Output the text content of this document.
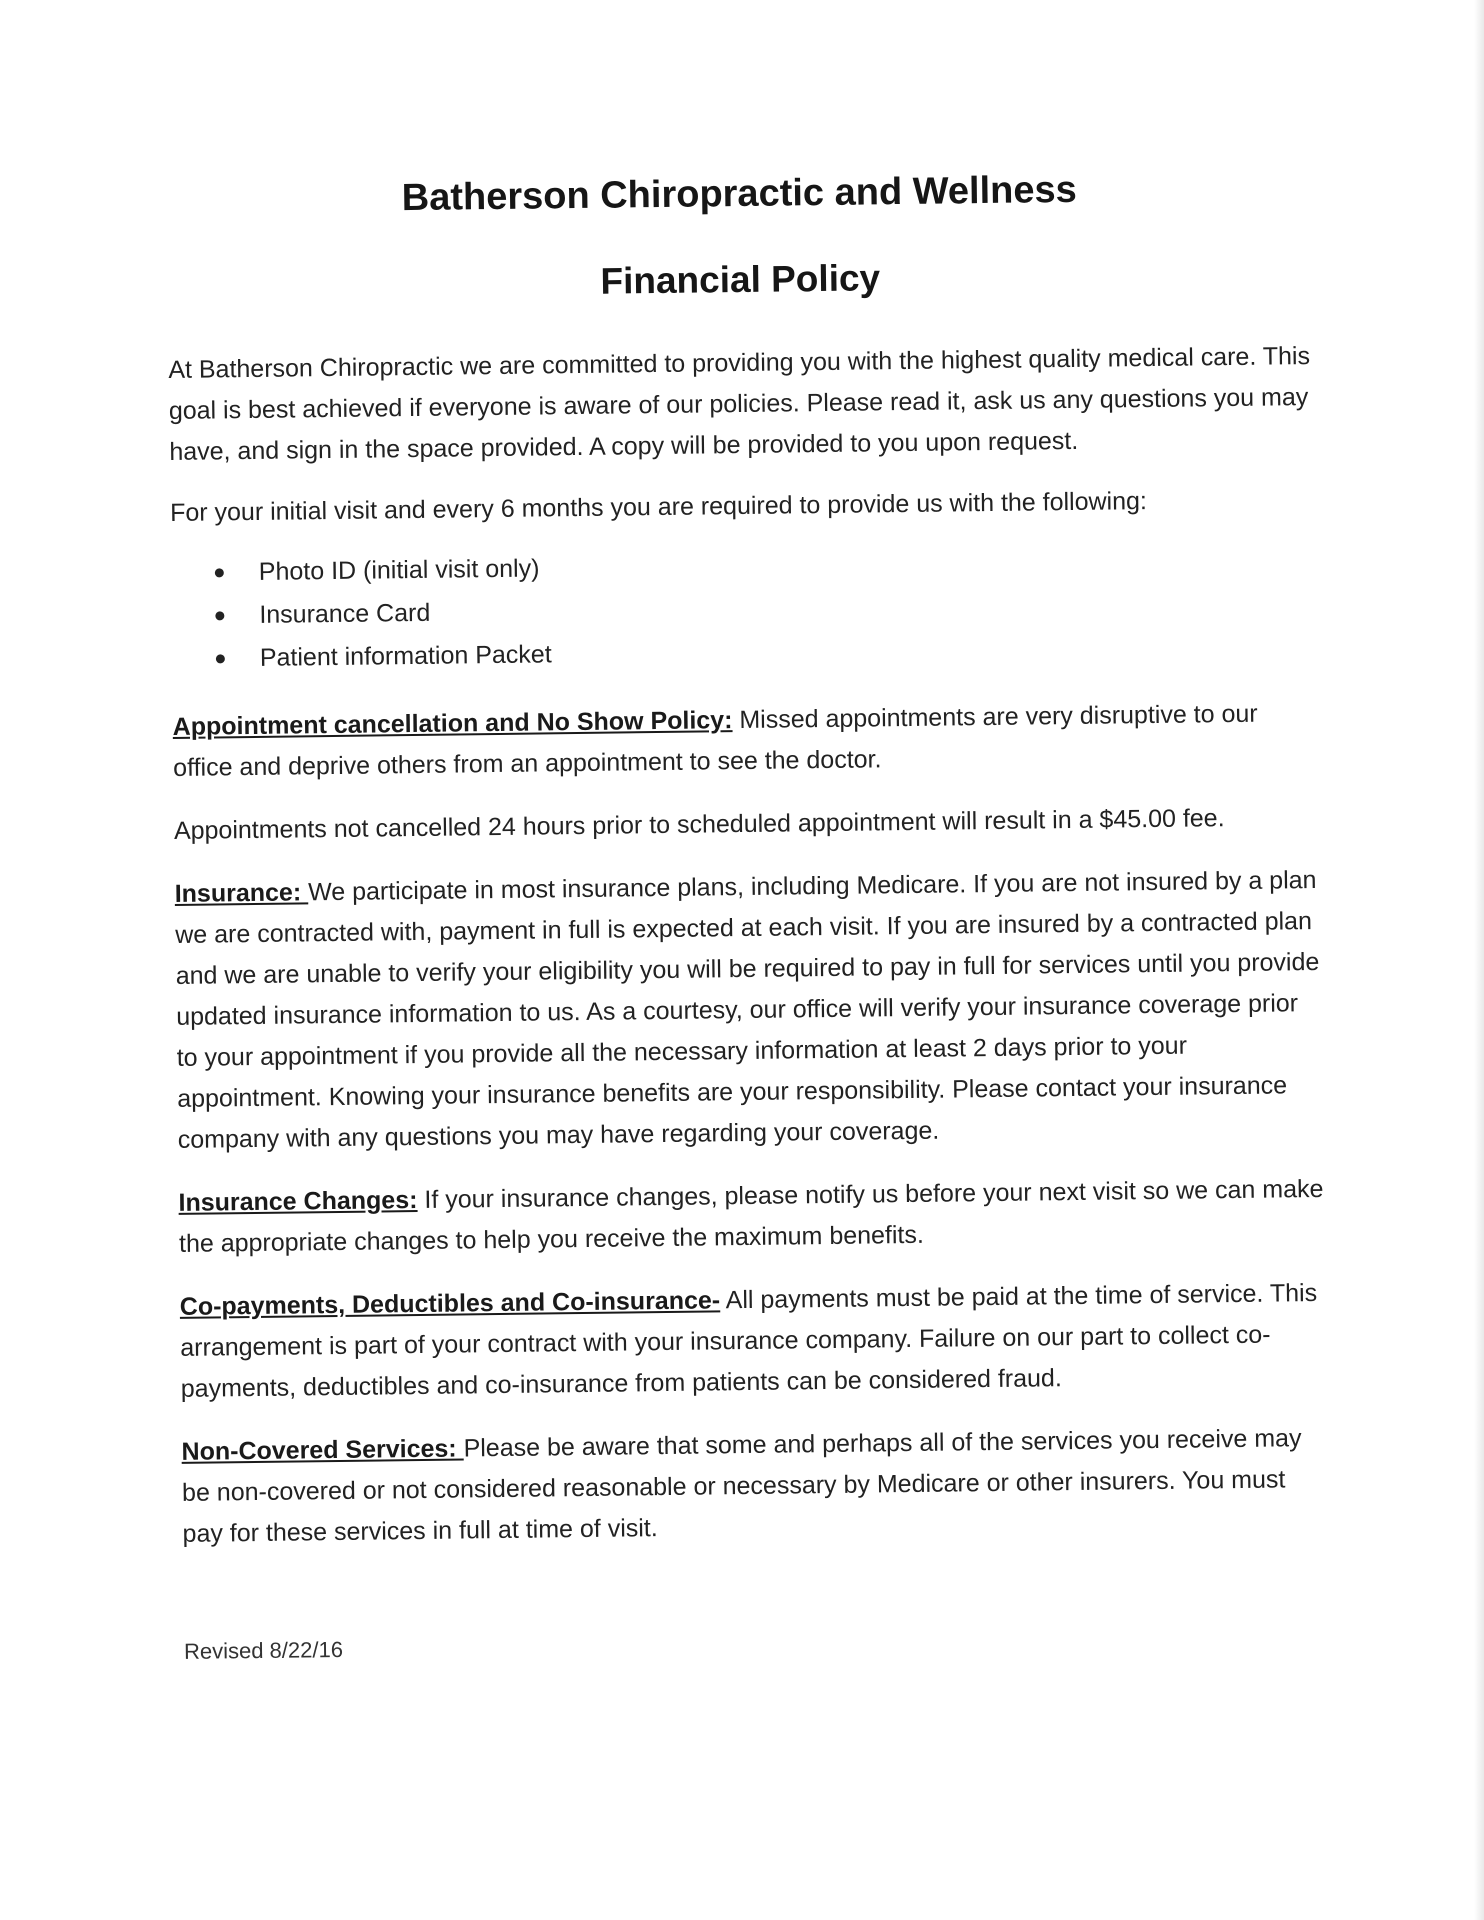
Batherson Chiropractic and Wellness
Financial Policy

At Batherson Chiropractic we are committed to providing you with the highest quality medical care. This goal is best achieved if everyone is aware of our policies. Please read it, ask us any questions you may have, and sign in the space provided. A copy will be provided to you upon request.

For your initial visit and every 6 months you are required to provide us with the following:

Photo ID (initial visit only)
Insurance Card
Patient information Packet

Appointment cancellation and No Show Policy: Missed appointments are very disruptive to our office and deprive others from an appointment to see the doctor.

Appointments not cancelled 24 hours prior to scheduled appointment will result in a $45.00 fee.

Insurance: We participate in most insurance plans, including Medicare. If you are not insured by a plan we are contracted with, payment in full is expected at each visit. If you are insured by a contracted plan and we are unable to verify your eligibility you will be required to pay in full for services until you provide updated insurance information to us. As a courtesy, our office will verify your insurance coverage prior to your appointment if you provide all the necessary information at least 2 days prior to your appointment. Knowing your insurance benefits are your responsibility. Please contact your insurance company with any questions you may have regarding your coverage.

Insurance Changes: If your insurance changes, please notify us before your next visit so we can make the appropriate changes to help you receive the maximum benefits.

Co-payments, Deductibles and Co-insurance- All payments must be paid at the time of service. This arrangement is part of your contract with your insurance company. Failure on our part to collect co-payments, deductibles and co-insurance from patients can be considered fraud.

Non-Covered Services: Please be aware that some and perhaps all of the services you receive may be non-covered or not considered reasonable or necessary by Medicare or other insurers. You must pay for these services in full at time of visit.

Revised 8/22/16
